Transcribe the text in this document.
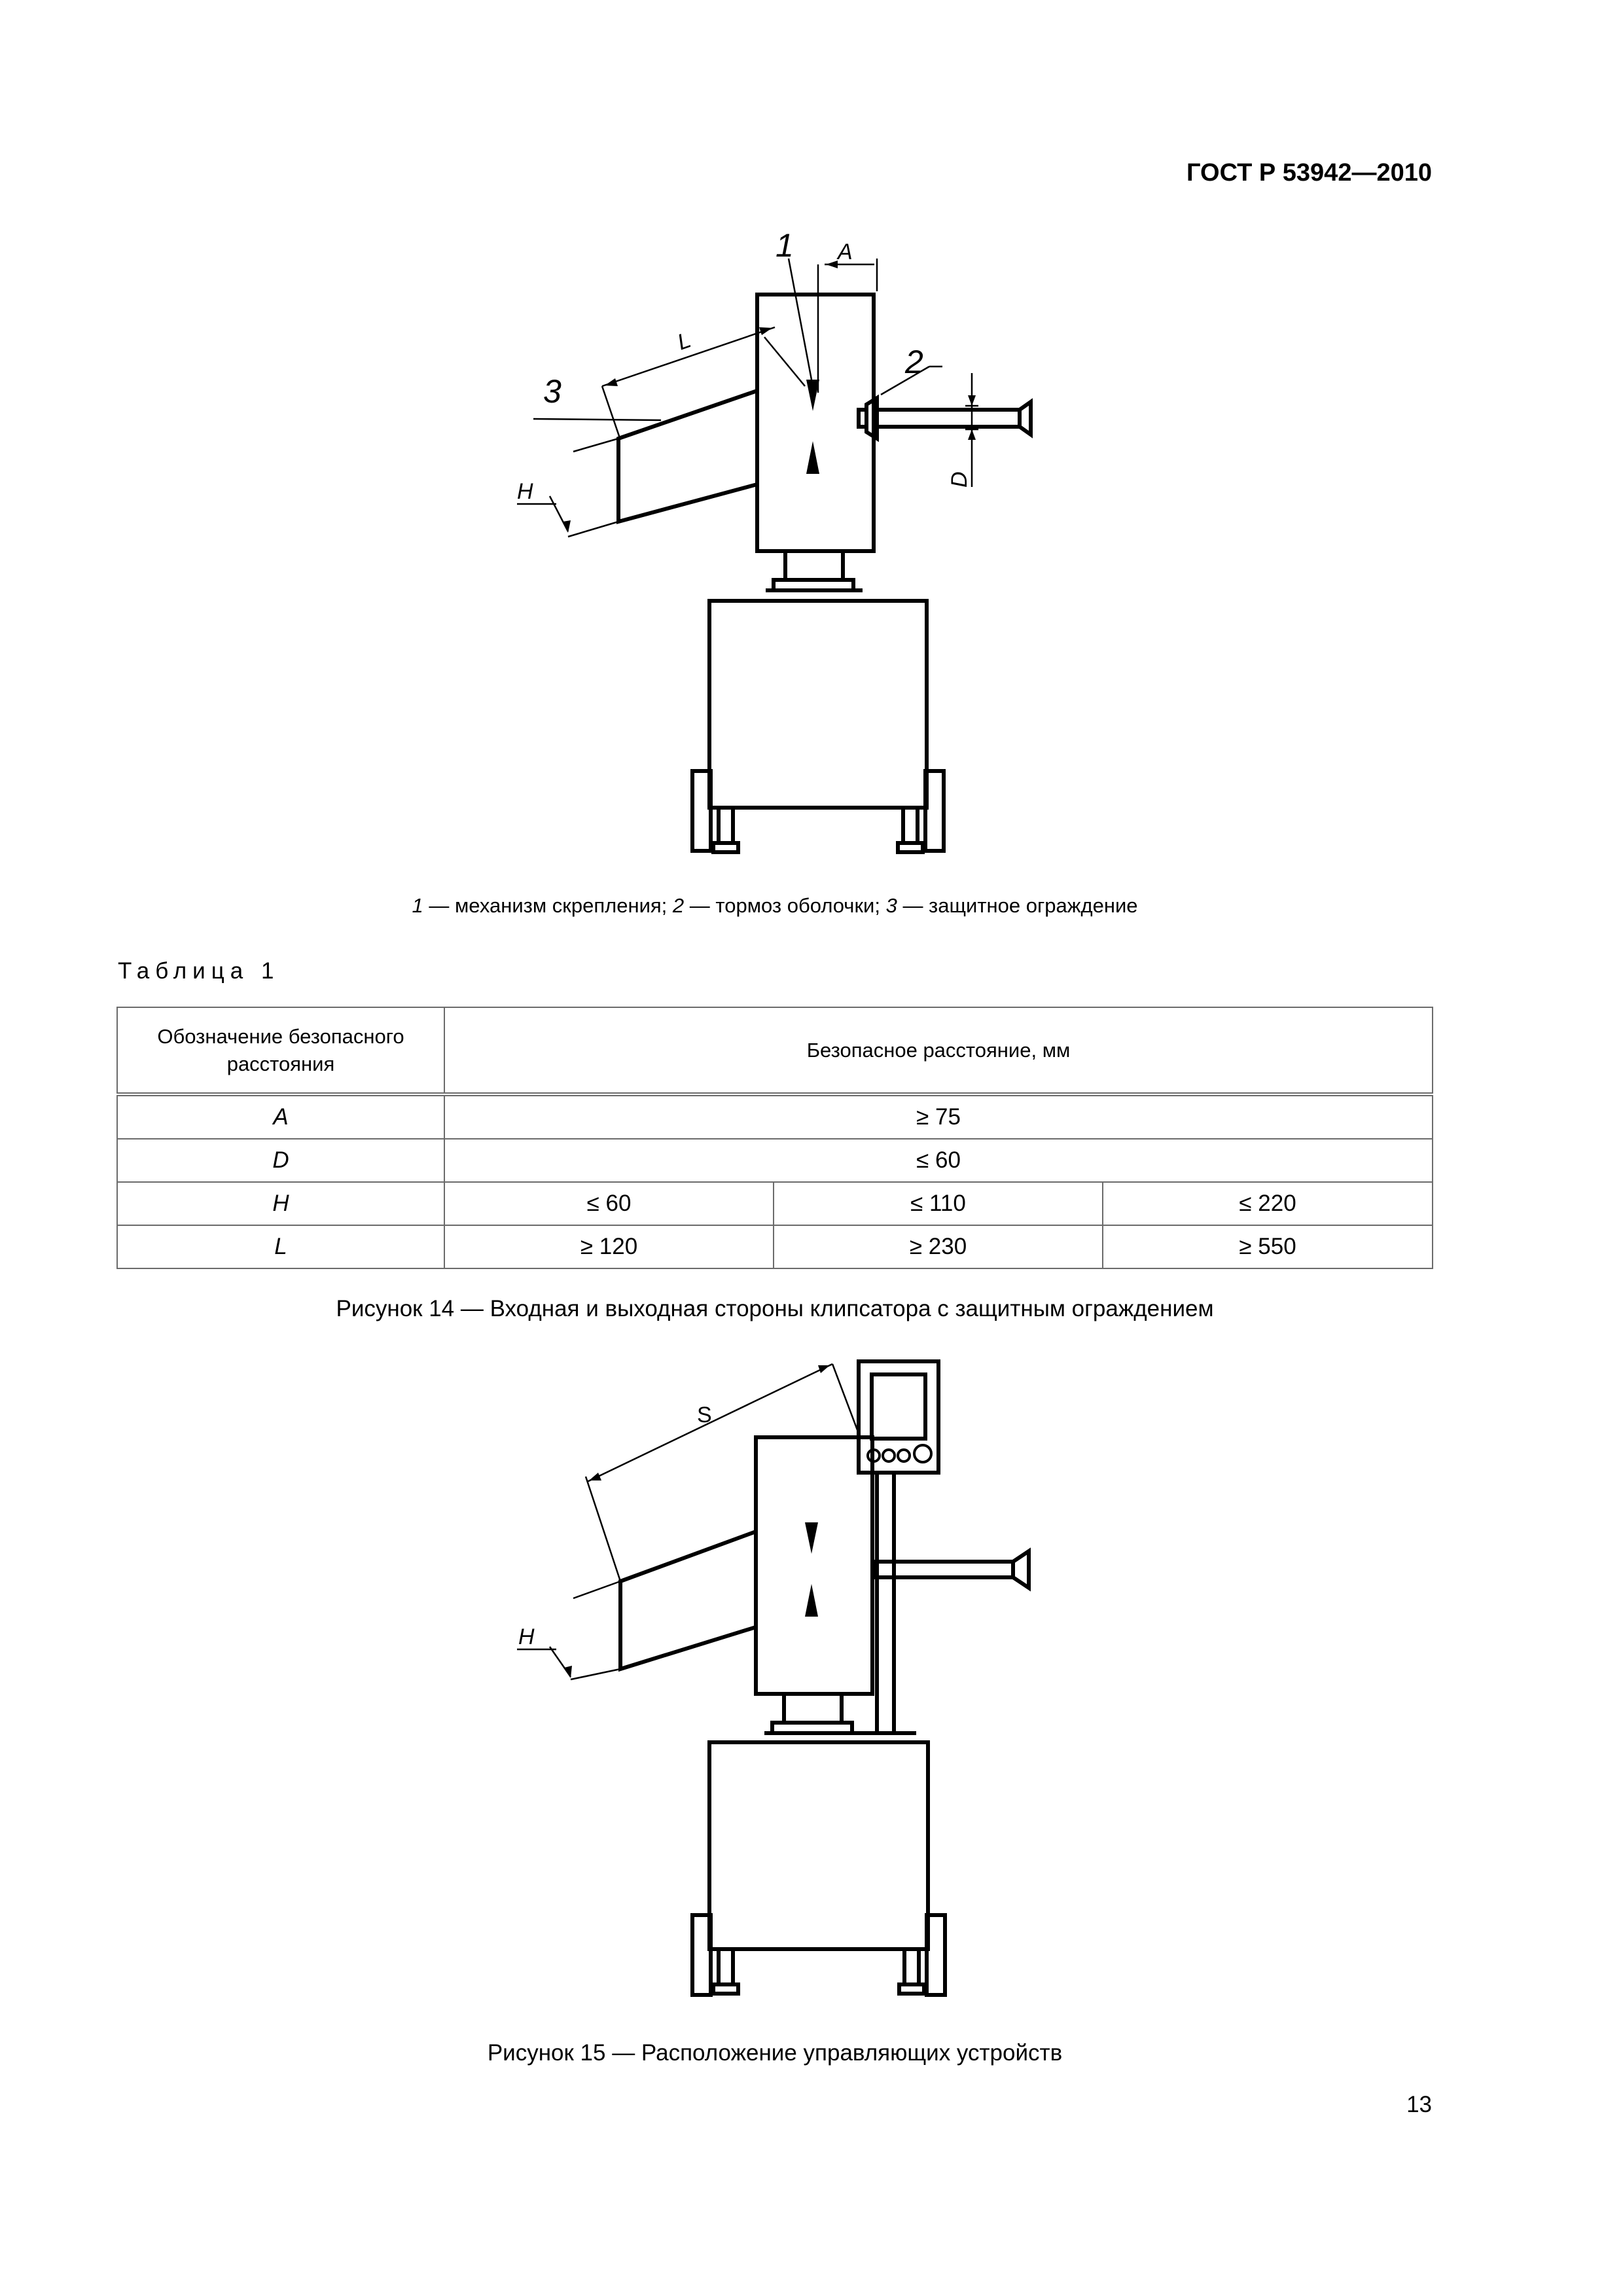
ГОСТ Р 53942—2010
1 A
L
3
2
H	D
1 — механизм скрепления; 2 — тормоз оболочки; 3 — защитное ограждение
Таблица 1
Обозначение безопасного расстояния	Безопасное расстояние, мм		
A	≥ 75		
D	≤ 60		
H	≤ 60	≤ 110	≤ 220
L	≥ 120	≥ 230	≥ 550
Рисунок 14 — Входная и выходная стороны клипсатора с защитным ограждением
S
H
Рисунок 15 — Расположение управляющих устройств
13
